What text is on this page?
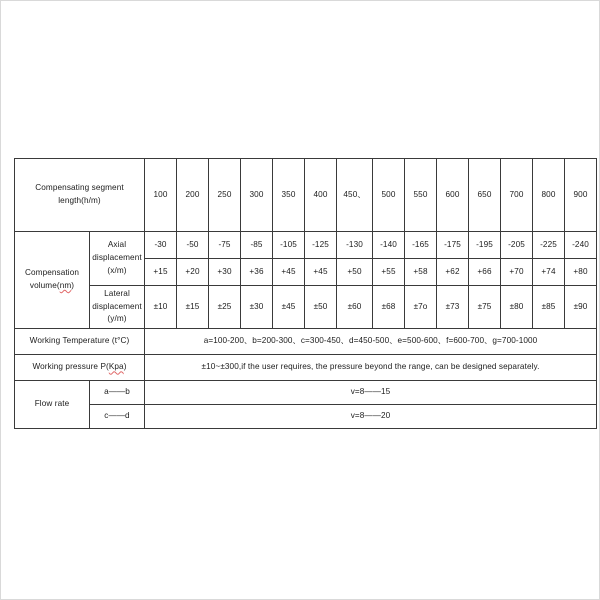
Compensating segment
length(h/m)		100	200	250	300	350	400	450、	500	550	600	650	700	800	900
Compensation
volume(nm)	Axial
displacement
(x/m)	-30	-50	-75	-85	-105	-125	-130	-140	-165	-175	-195	-205	-225	-240
		+15	+20	+30	+36	+45	+45	+50	+55	+58	+62	+66	+70	+74	+80
	Lateral
displacement
(y/m)	±10	±15	±25	±30	±45	±50	±60	±68	±7o	±73	±75	±80	±85	±90
Working Temperature (t°C)		a=100-200、b=200-300、c=300-450、d=450-500、e=500-600、f=600-700、g=700-1000													
Working pressure P(Kpa)		±10~±300,if the user requires, the pressure beyond the range, can be designed separately.													
Flow rate	a——b	v=8——15													
	c——d	v=8——20													
